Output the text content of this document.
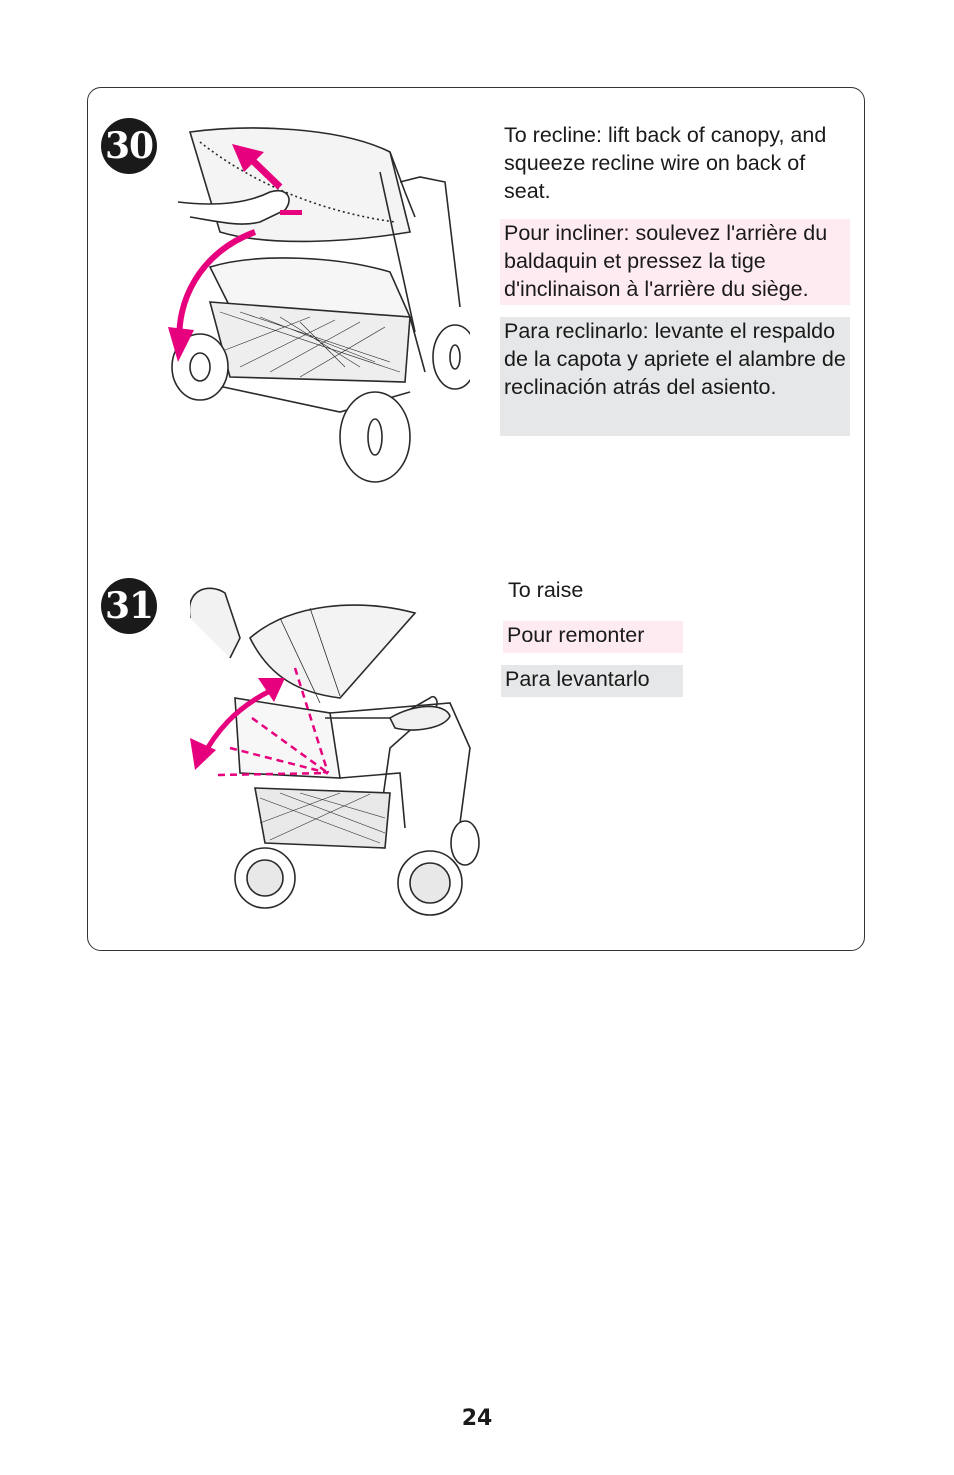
30	To recline: lift back of canopy, and squeeze recline wire on back of seat.
Pour incliner: soulevez l'arrière du baldaquin et pressez la tige d'inclinaison à l'arrière du siège.
Para reclinarlo: levante el respaldo de la capota y apriete el alambre de reclinación atrás del asiento.
31	To raise
Pour remonter
Para levantarlo
24
